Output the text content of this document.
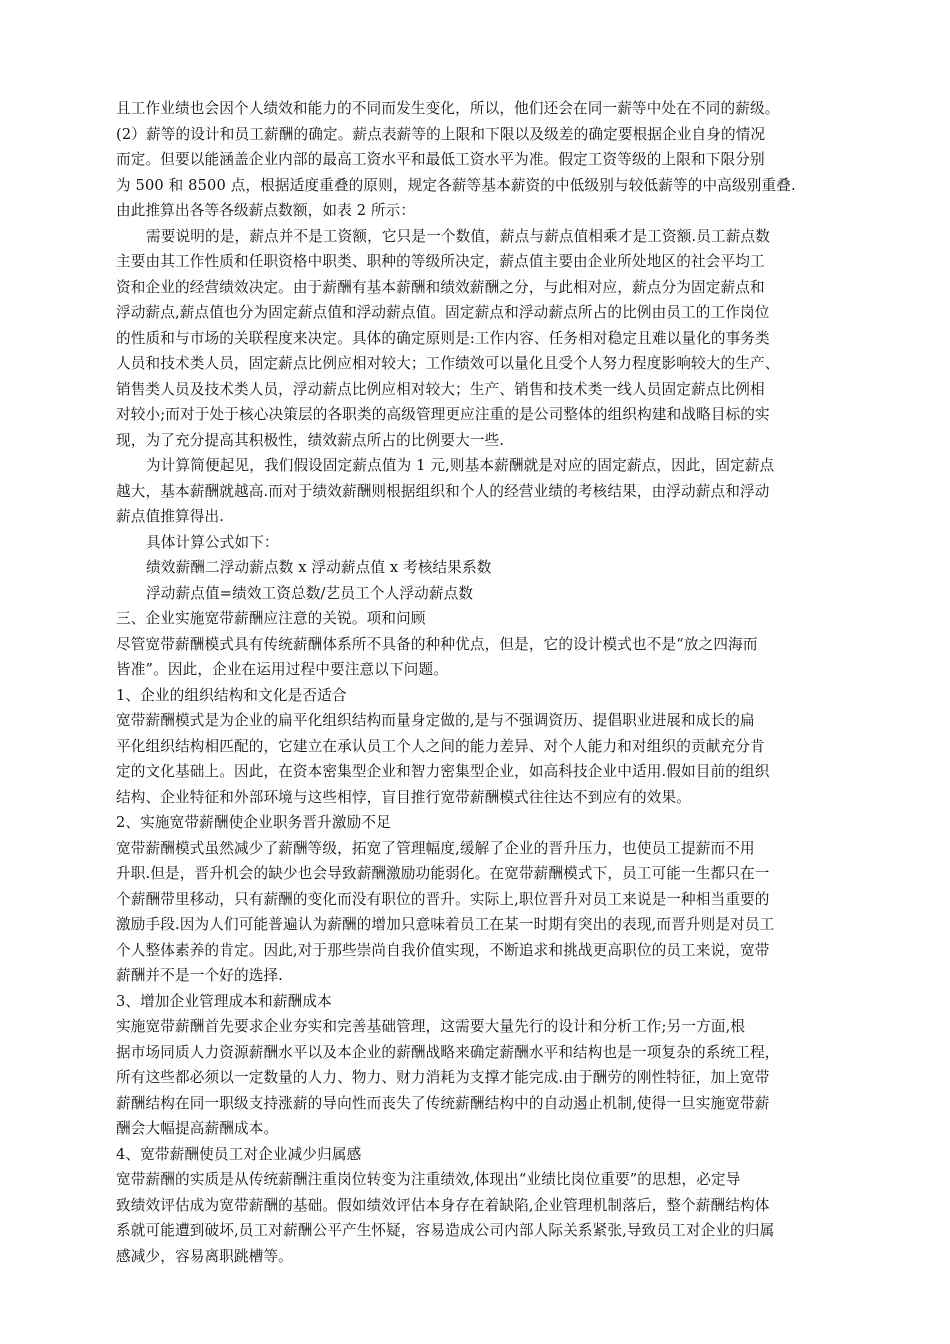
且工作业绩也会因个人绩效和能力的不同而发生变化，所以，他们还会在同一薪等中处在不同的薪级。
(2）薪等的设计和员工薪酬的确定。薪点表薪等的上限和下限以及级差的确定要根据企业自身的情况
而定。但要以能涵盖企业内部的最高工资水平和最低工资水平为准。假定工资等级的上限和下限分别
为 500 和 8500 点，根据适度重叠的原则，规定各薪等基本薪资的中低级别与较低薪等的中高级别重叠.
由此推算出各等各级薪点数额，如表 2 所示：
需要说明的是，薪点并不是工资额，它只是一个数值，薪点与薪点值相乘才是工资额.员工薪点数
主要由其工作性质和任职资格中职类、职种的等级所决定，薪点值主要由企业所处地区的社会平均工
资和企业的经营绩效决定。由于薪酬有基本薪酬和绩效薪酬之分，与此相对应，薪点分为固定薪点和
浮动薪点,薪点值也分为固定薪点值和浮动薪点值。固定薪点和浮动薪点所占的比例由员工的工作岗位
的性质和与市场的关联程度来决定。具体的确定原则是:工作内容、任务相对稳定且难以量化的事务类
人员和技术类人员，固定薪点比例应相对较大；工作绩效可以量化且受个人努力程度影响较大的生产、
销售类人员及技术类人员，浮动薪点比例应相对较大；生产、销售和技术类一线人员固定薪点比例相
对较小;而对于处于核心决策层的各职类的高级管理更应注重的是公司整体的组织构建和战略目标的实
现，为了充分提高其积极性，绩效薪点所占的比例要大一些.
为计算简便起见，我们假设固定薪点值为 1 元,则基本薪酬就是对应的固定薪点，因此，固定薪点
越大，基本薪酬就越高.而对于绩效薪酬则根据组织和个人的经营业绩的考核结果，由浮动薪点和浮动
薪点值推算得出.
具体计算公式如下：
绩效薪酬二浮动薪点数 x 浮动薪点值 x 考核结果系数
浮动薪点值=绩效工资总数/艺员工个人浮动薪点数
三、企业实施宽带薪酬应注意的关锐。项和问顾
尽管宽带薪酬模式具有传统薪酬体系所不具备的种种优点，但是，它的设计模式也不是“放之四海而
皆准”。因此，企业在运用过程中要注意以下问题。
1、企业的组织结构和文化是否适合
宽带薪酬模式是为企业的扁平化组织结构而量身定做的,是与不强调资历、提倡职业进展和成长的扁
平化组织结构相匹配的，它建立在承认员工个人之间的能力差异、对个人能力和对组织的贡献充分肯
定的文化基础上。因此，在资本密集型企业和智力密集型企业，如高科技企业中适用.假如目前的组织
结构、企业特征和外部环境与这些相悖，盲目推行宽带薪酬模式往往达不到应有的效果。
2、实施宽带薪酬使企业职务晋升激励不足
宽带薪酬模式虽然减少了薪酬等级，拓宽了管理幅度,缓解了企业的晋升压力，也使员工提薪而不用
升职.但是，晋升机会的缺少也会导致薪酬激励功能弱化。在宽带薪酬模式下，员工可能一生都只在一
个薪酬带里移动，只有薪酬的变化而没有职位的晋升。实际上,职位晋升对员工来说是一种相当重要的
激励手段.因为人们可能普遍认为薪酬的增加只意味着员工在某一时期有突出的表现,而晋升则是对员工
个人整体素养的肯定。因此,对于那些崇尚自我价值实现，不断追求和挑战更高职位的员工来说，宽带
薪酬并不是一个好的选择.
3、增加企业管理成本和薪酬成本
实施宽带薪酬首先要求企业夯实和完善基础管理，这需要大量先行的设计和分析工作;另一方面,根
据市场同质人力资源薪酬水平以及本企业的薪酬战略来确定薪酬水平和结构也是一项复杂的系统工程，
所有这些都必须以一定数量的人力、物力、财力消耗为支撑才能完成.由于酬劳的刚性特征，加上宽带
薪酬结构在同一职级支持涨薪的导向性而丧失了传统薪酬结构中的自动遏止机制,使得一旦实施宽带薪
酬会大幅提高薪酬成本。
4、宽带薪酬使员工对企业减少归属感
宽带薪酬的实质是从传统薪酬注重岗位转变为注重绩效,体现出“业绩比岗位重要”的思想，必定导
致绩效评估成为宽带薪酬的基础。假如绩效评估本身存在着缺陷,企业管理机制落后，整个薪酬结构体
系就可能遭到破坏,员工对薪酬公平产生怀疑，容易造成公司内部人际关系紧张,导致员工对企业的归属
感减少，容易离职跳槽等。
